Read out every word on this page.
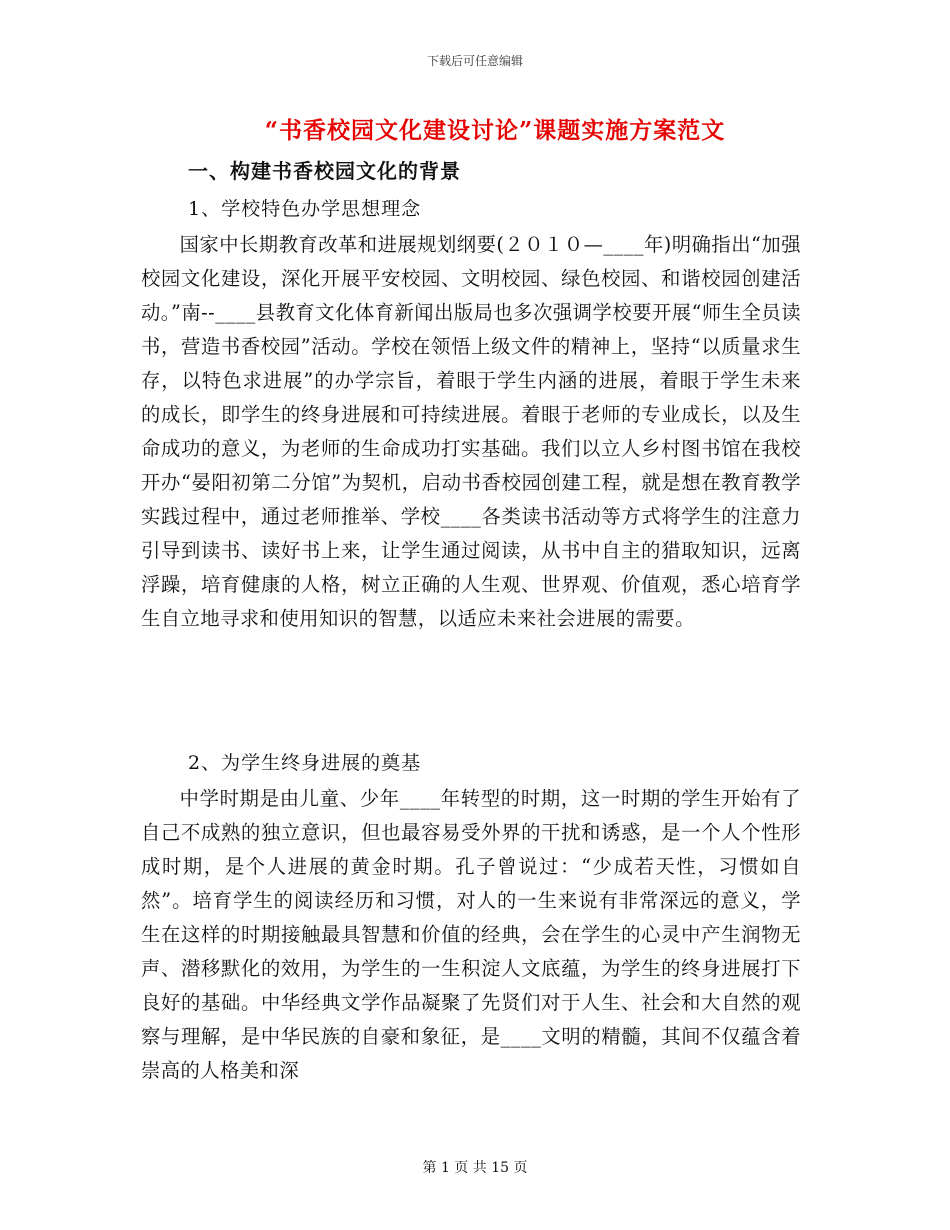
下载后可任意编辑
“书香校园文化建设讨论”课题实施方案范文
一、构建书香校园文化的背景
1、学校特色办学思想理念
国家中长期教育改革和进展规划纲要(２０１０—____年)明确指出“加强校园文化建设，深化开展平安校园、文明校园、绿色校园、和谐校园创建活动。”南--____县教育文化体育新闻出版局也多次强调学校要开展“师生全员读书，营造书香校园”活动。学校在领悟上级文件的精神上，坚持“以质量求生存，以特色求进展”的办学宗旨，着眼于学生内涵的进展，着眼于学生未来的成长，即学生的终身进展和可持续进展。着眼于老师的专业成长，以及生命成功的意义，为老师的生命成功打实基础。我们以立人乡村图书馆在我校开办“晏阳初第二分馆”为契机，启动书香校园创建工程，就是想在教育教学实践过程中，通过老师推举、学校____各类读书活动等方式将学生的注意力引导到读书、读好书上来，让学生通过阅读，从书中自主的猎取知识，远离浮躁，培育健康的人格，树立正确的人生观、世界观、价值观，悉心培育学生自立地寻求和使用知识的智慧，以适应未来社会进展的需要。
2、为学生终身进展的奠基
中学时期是由儿童、少年____年转型的时期，这一时期的学生开始有了自己不成熟的独立意识，但也最容易受外界的干扰和诱惑，是一个人个性形成时期，是个人进展的黄金时期。孔子曾说过：“少成若天性，习惯如自然”。培育学生的阅读经历和习惯，对人的一生来说有非常深远的意义，学生在这样的时期接触最具智慧和价值的经典，会在学生的心灵中产生润物无声、潜移默化的效用，为学生的一生积淀人文底蕴，为学生的终身进展打下良好的基础。中华经典文学作品凝聚了先贤们对于人生、社会和大自然的观察与理解，是中华民族的自豪和象征，是____文明的精髓，其间不仅蕴含着崇高的人格美和深
第 1 页 共 15 页
